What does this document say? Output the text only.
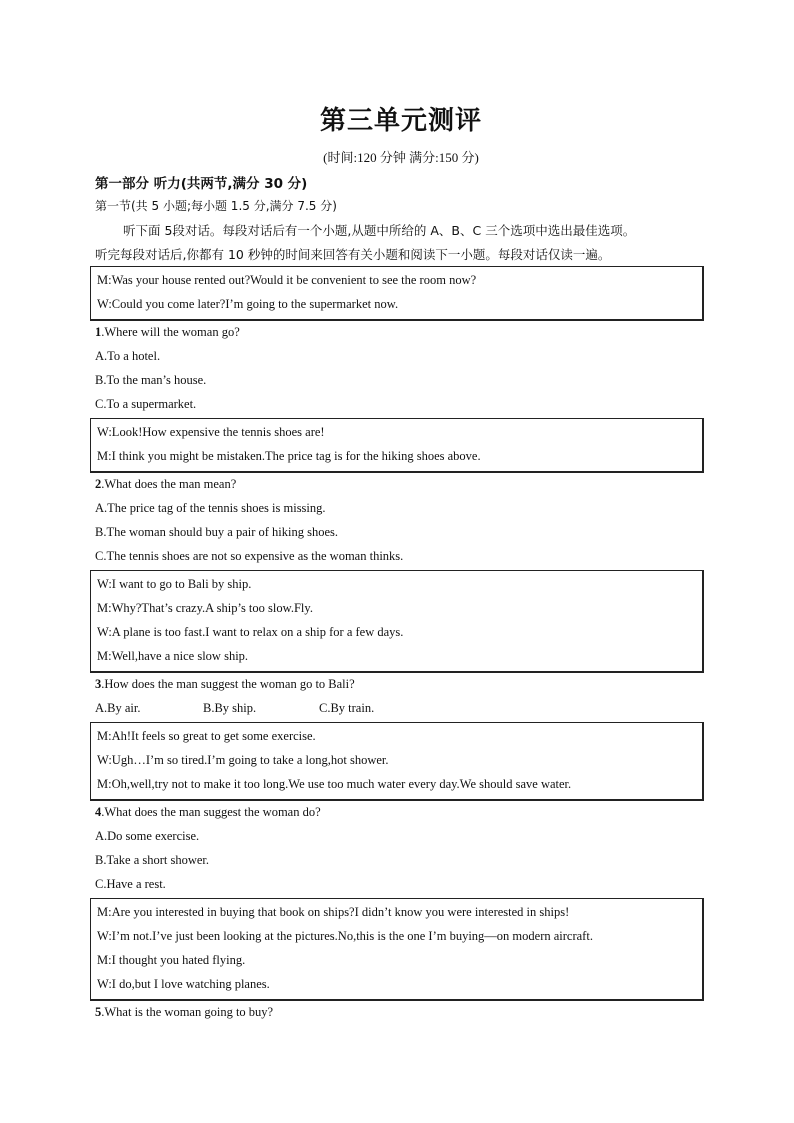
第三单元测评
(时间:120 分钟 满分:150 分)
第一部分 听力(共两节,满分 30 分)
第一节(共 5 小题;每小题 1.5 分,满分 7.5 分)
听下面 5段对话。每段对话后有一个小题,从题中所给的 A、B、C 三个选项中选出最佳选项。
听完每段对话后,你都有 10 秒钟的时间来回答有关小题和阅读下一小题。每段对话仅读一遍。
M:Was your house rented out?Would it be convenient to see the room now?
W:Could you come later?I’m going to the supermarket now.
1.Where will the woman go?
A.To a hotel.
B.To the man’s house.
C.To a supermarket.
W:Look!How expensive the tennis shoes are!
M:I think you might be mistaken.The price tag is for the hiking shoes above.
2.What does the man mean?
A.The price tag of the tennis shoes is missing.
B.The woman should buy a pair of hiking shoes.
C.The tennis shoes are not so expensive as the woman thinks.
W:I want to go to Bali by ship.
M:Why?That’s crazy.A ship’s too slow.Fly.
W:A plane is too fast.I want to relax on a ship for a few days.
M:Well,have a nice slow ship.
3.How does the man suggest the woman go to Bali?
A.By air.	B.By ship.	C.By train.
M:Ah!It feels so great to get some exercise.
W:Ugh…I’m so tired.I’m going to take a long,hot shower.
M:Oh,well,try not to make it too long.We use too much water every day.We should save water.
4.What does the man suggest the woman do?
A.Do some exercise.
B.Take a short shower.
C.Have a rest.
M:Are you interested in buying that book on ships?I didn’t know you were interested in ships!
W:I’m not.I’ve just been looking at the pictures.No,this is the one I’m buying—on modern aircraft.
M:I thought you hated flying.
W:I do,but I love watching planes.
5.What is the woman going to buy?
